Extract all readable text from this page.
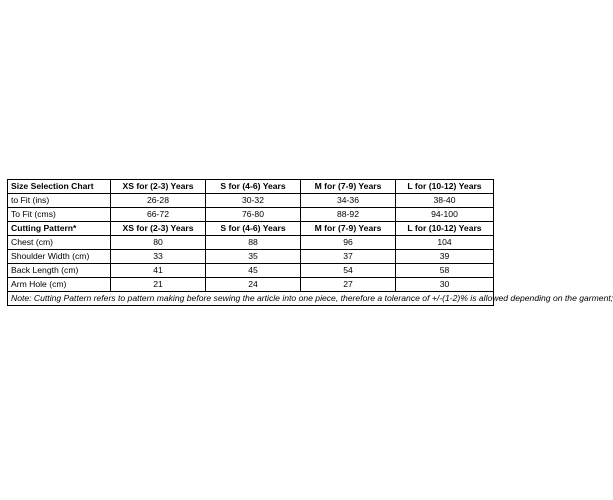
Size Selection Chart	XS for (2-3) Years	S for (4-6) Years	M for (7-9) Years	L for (10-12) Years
to Fit (ins)	26-28	30-32	34-36	38-40
To Fit (cms)	66-72	76-80	88-92	94-100
Cutting Pattern*	XS for (2-3) Years	S for (4-6) Years	M for (7-9) Years	L for (10-12) Years
Chest (cm)	80	88	96	104
Shoulder Width (cm)	33	35	37	39
Back Length (cm)	41	45	54	58
Arm Hole (cm)	21	24	27	30
Note: Cutting Pattern refers to pattern making before sewing the article into one piece, therefore a tolerance of +/-(1-2)% is allowed depending on the garment;				
